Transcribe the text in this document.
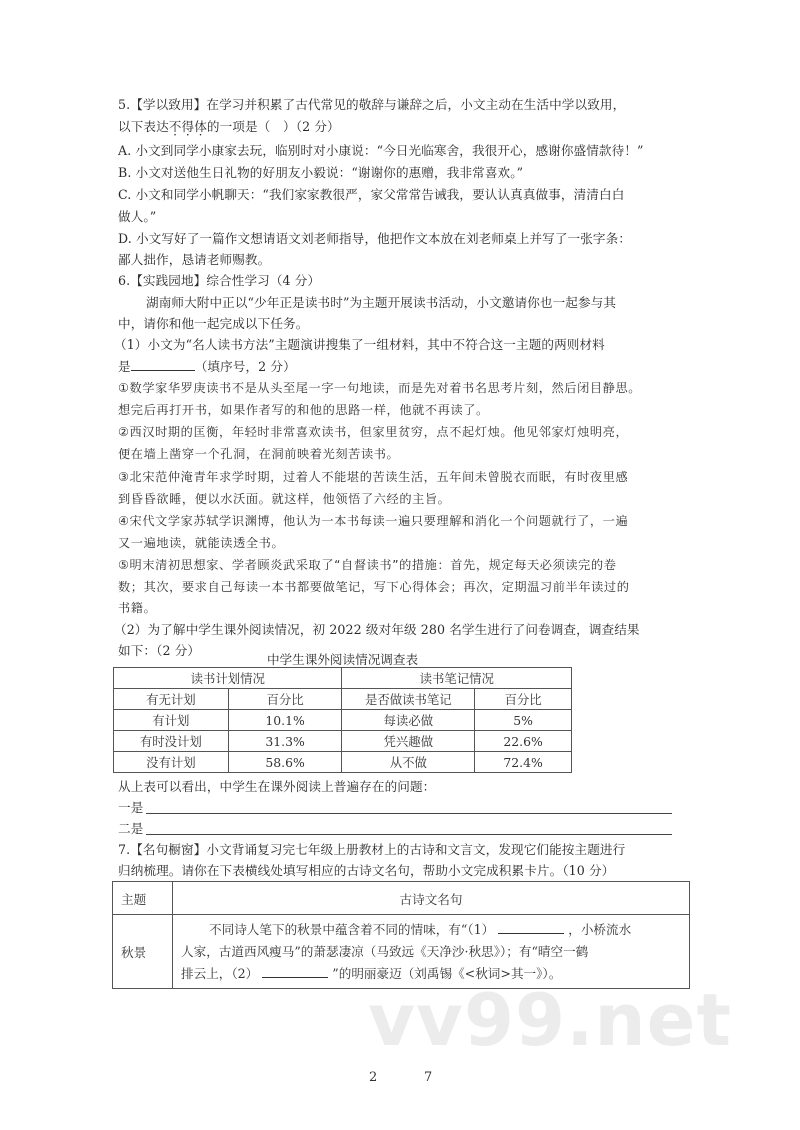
5.【学以致用】在学习并积累了古代常见的敬辞与谦辞之后，小文主动在生活中学以致用，
以下表达不得体的一项是（　）（2 分）
A. 小文到同学小康家去玩，临别时对小康说：“今日光临寒舍，我很开心，感谢你盛情款待！”
B. 小文对送他生日礼物的好朋友小毅说：“谢谢你的惠赠，我非常喜欢。”
C. 小文和同学小帆聊天：“我们家家教很严，家父常常告诫我，要认认真真做事，清清白白
做人。”
D. 小文写好了一篇作文想请语文刘老师指导，他把作文本放在刘老师桌上并写了一张字条：
鄙人拙作，恳请老师赐教。
6.【实践园地】综合性学习（4 分）
湖南师大附中正以“少年正是读书时”为主题开展读书活动，小文邀请你也一起参与其
中，请你和他一起完成以下任务。
（1）小文为“名人读书方法”主题演讲搜集了一组材料，其中不符合这一主题的两则材料
是	（填序号，2 分）
①数学家华罗庚读书不是从头至尾一字一句地读，而是先对着书名思考片刻，然后闭目静思。
想完后再打开书，如果作者写的和他的思路一样，他就不再读了。
②西汉时期的匡衡，年轻时非常喜欢读书，但家里贫穷，点不起灯烛。他见邻家灯烛明亮，
便在墙上凿穿一个孔洞，在洞前映着光刻苦读书。
③北宋范仲淹青年求学时期，过着人不能堪的苦读生活，五年间未曾脱衣而眠，有时夜里感
到昏昏欲睡，便以水沃面。就这样，他领悟了六经的主旨。
④宋代文学家苏轼学识渊博，他认为一本书每读一遍只要理解和消化一个问题就行了，一遍
又一遍地读，就能读透全书。
⑤明末清初思想家、学者顾炎武采取了“自督读书”的措施：首先，规定每天必须读完的卷
数；其次，要求自己每读一本书都要做笔记，写下心得体会；再次，定期温习前半年读过的
书籍。
（2）为了解中学生课外阅读情况，初 2022 级对年级 280 名学生进行了问卷调查，调查结果
如下：（2 分）
中学生课外阅读情况调查表
读书计划情况		读书笔记情况	
有无计划	百分比	是否做读书笔记	百分比
有计划	10.1%	每读必做	5%
有时没计划	31.3%	凭兴趣做	22.6%
没有计划	58.6%	从不做	72.4%
从上表可以看出，中学生在课外阅读上普遍存在的问题：
一是
二是
7.【名句橱窗】小文背诵复习完七年级上册教材上的古诗和文言文，发现它们能按主题进行
归纳梳理。请你在下表横线处填写相应的古诗文名句，帮助小文完成积累卡片。（10 分）
主题	古诗文名句
秋景	不同诗人笔下的秋景中蕴含着不同的情味，有“（1） ，小桥流水
人家，古道西风瘦马”的萧瑟凄凉（马致远《天净沙·秋思》）；有“晴空一鹤
排云上，（2） ”的明丽豪迈（刘禹锡《<秋词>其一》）。
vv99.net
2	7
